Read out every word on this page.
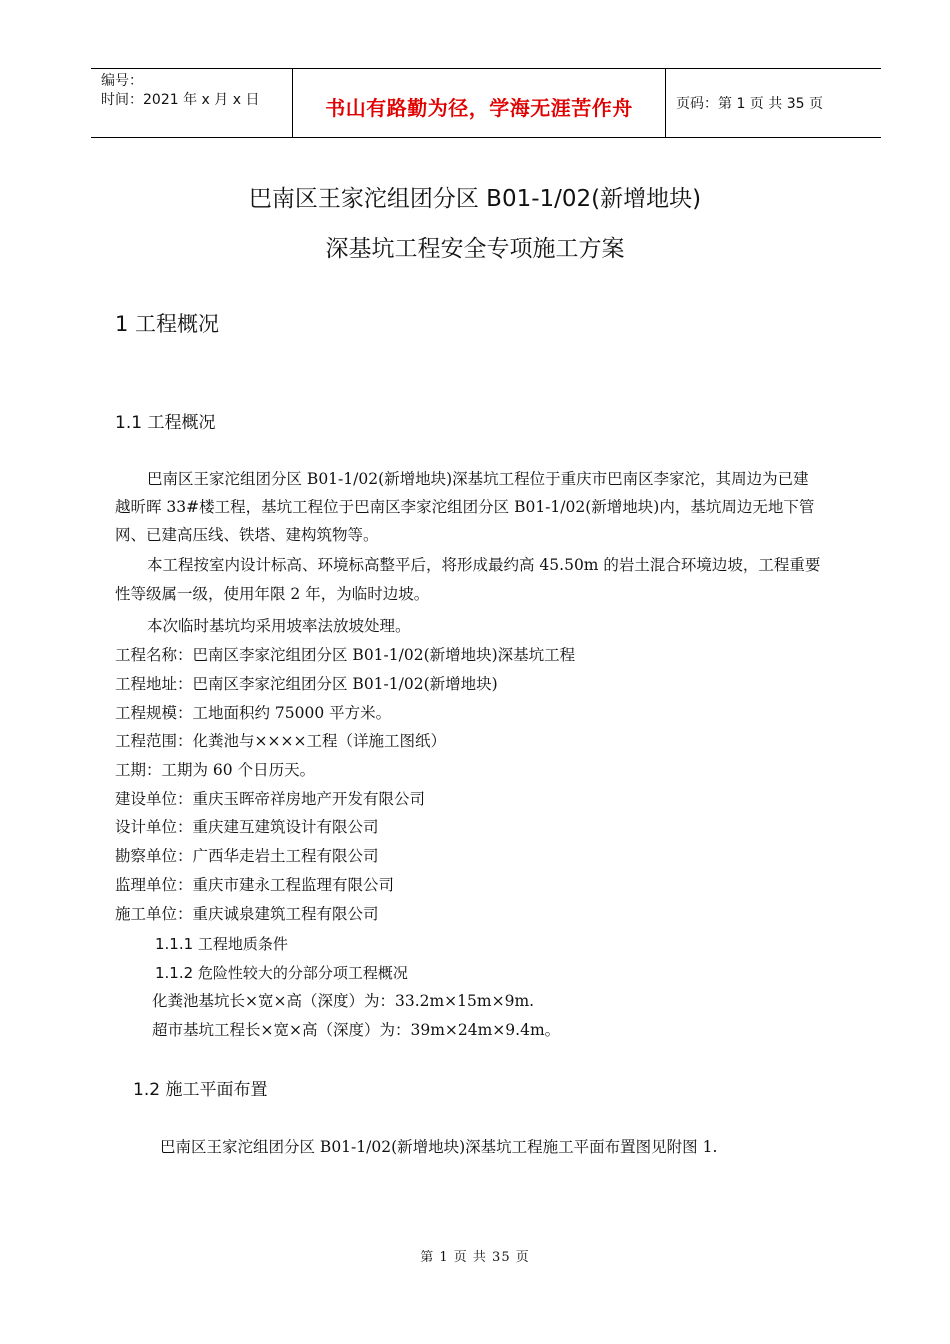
编号：
时间：2021 年 x 月 x 日	书山有路勤为径，学海无涯苦作舟	页码：第 1 页 共 35 页
巴南区王家沱组团分区 B01-1/02(新增地块)
深基坑工程安全专项施工方案
1 工程概况
1.1 工程概况
巴南区王家沱组团分区 B01-1/02(新增地块)深基坑工程位于重庆市巴南区李家沱，其周边为已建
越昕晖 33#楼工程，基坑工程位于巴南区李家沱组团分区 B01-1/02(新增地块)内，基坑周边无地下管
网、已建高压线、铁塔、建构筑物等。
本工程按室内设计标高、环境标高整平后，将形成最约高 45.50m 的岩土混合环境边坡，工程重要
性等级属一级，使用年限 2 年，为临时边坡。
本次临时基坑均采用坡率法放坡处理。
工程名称：巴南区李家沱组团分区 B01-1/02(新增地块)深基坑工程
工程地址：巴南区李家沱组团分区 B01-1/02(新增地块)
工程规模：工地面积约 75000 平方米。
工程范围：化粪池与××××工程（详施工图纸）
工期：工期为 60 个日历天。
建设单位：重庆玉晖帝祥房地产开发有限公司
设计单位：重庆建互建筑设计有限公司
勘察单位：广西华走岩土工程有限公司
监理单位：重庆市建永工程监理有限公司
施工单位：重庆诚泉建筑工程有限公司
1.1.1 工程地质条件
1.1.2 危险性较大的分部分项工程概况
化粪池基坑长×宽×高（深度）为：33.2m×15m×9m.
超市基坑工程长×宽×高（深度）为：39m×24m×9.4m。
1.2 施工平面布置
巴南区王家沱组团分区 B01-1/02(新增地块)深基坑工程施工平面布置图见附图 1.
第 1 页 共 35 页
